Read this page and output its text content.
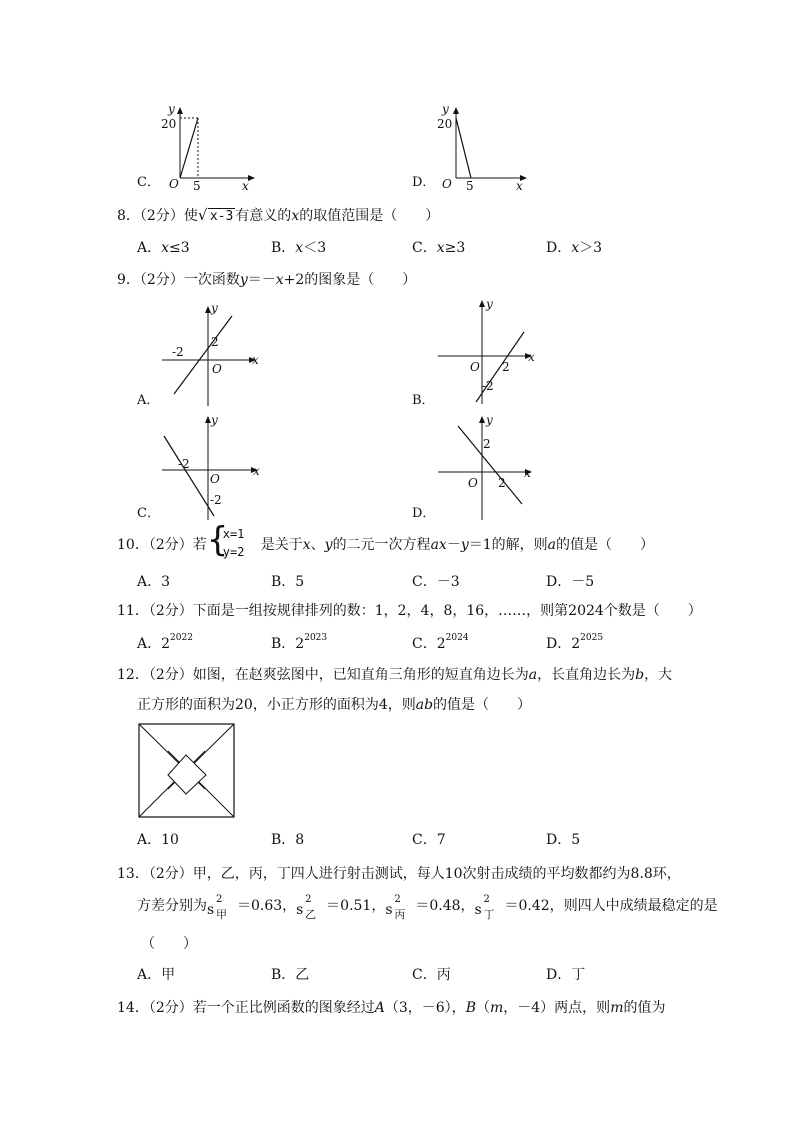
C．
20
5
O	x
y
D．
20
5
O	x
y
8．（2分）使 √ x-3 有意义的x的取值范围是（　　）
A．x≤3	B．x＜3	C．x≥3	D．x＞3
9．（2分）一次函数y＝－x+2的图象是（　　）
A．
-2
2
O
x
y
B．
2
-2
O
x
y
C．
-2
-2
O
x
y
D．
2
2
O
x
y
10．（2分）若 {
x=1
y=2 是关于x、y的二元一次方程ax－y＝1的解，则a的值是（　　）
A．3	B．5	C．－3	D．－5
11．（2分）下面是一组按规律排列的数：1，2，4，8，16，……，则第2024个数是（　　）
A．$2^{2022}$	B．$2^{2023}$	C．$2^{2024}$	D．$2^{2025}$
12．（2分）如图，在赵爽弦图中，已知直角三角形的短直角边长为a，长直角边长为b，大
正方形的面积为20，小正方形的面积为4，则ab的值是（　　）
A．10	B．8	C．7	D．5
13．（2分）甲，乙，丙，丁四人进行射击测试，每人10次射击成绩的平均数都约为8.8环，
方差分别为 s
2
甲
＝0.63， s
2
乙
＝0.51， s
2
丙
＝0.48， s
2
丁
＝0.42，则四人中成绩最稳定的是
（　　）
A．甲	B．乙	C．丙	D．丁
14．（2分）若一个正比例函数的图象经过A（3，－6），B（m，－4）两点，则m的值为
